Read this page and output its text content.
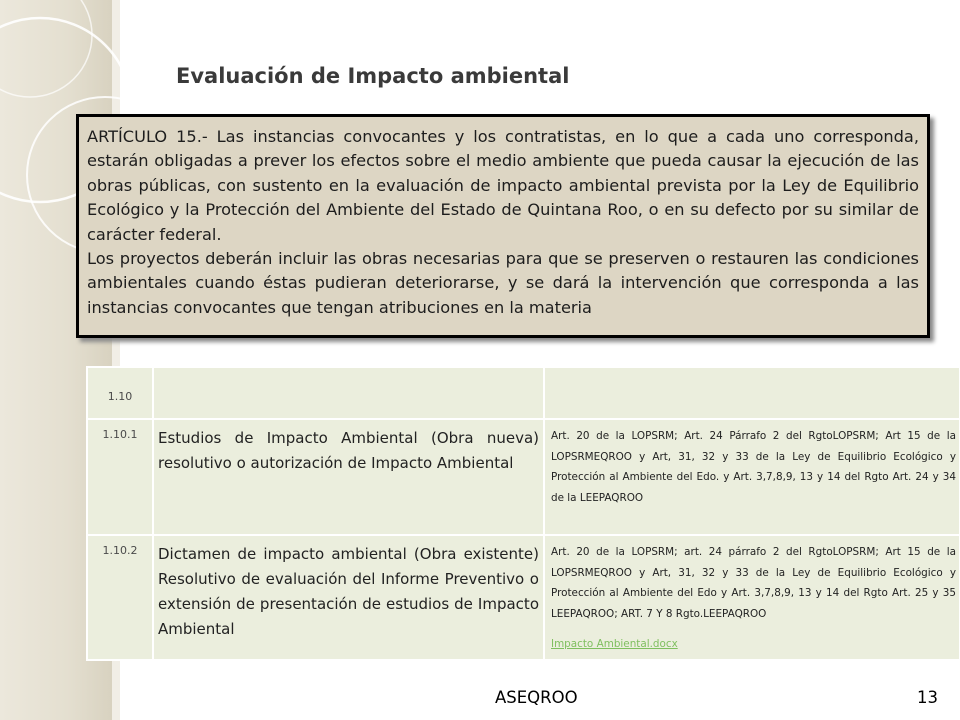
Evaluación de Impacto ambiental

ARTÍCULO 15.- Las instancias convocantes y los contratistas, en lo que a cada uno corresponda, estarán obligadas a prever los efectos sobre el medio ambiente que pueda causar la ejecución de las obras públicas, con sustento en la evaluación de impacto ambiental prevista por la Ley de Equilibrio Ecológico y la Protección del Ambiente del Estado de Quintana Roo, o en su defecto por su similar de carácter federal.

Los proyectos deberán incluir las obras necesarias para que se preserven o restauren las condiciones ambientales cuando éstas pudieran deteriorarse, y se dará la intervención que corresponda a las instancias convocantes que tengan atribuciones en la materia

1.10		
1.10.1	Estudios de Impacto Ambiental (Obra nueva) resolutivo o autorización de Impacto Ambiental	Art. 20 de la LOPSRM; Art. 24 Párrafo 2 del RgtoLOPSRM; Art 15 de la LOPSRMEQROO y Art, 31, 32 y 33 de la Ley de Equilibrio Ecológico y Protección al Ambiente del Edo. y Art. 3,7,8,9, 13 y 14 del Rgto Art. 24 y 34 de la LEEPAQROO
1.10.2	Dictamen de impacto ambiental (Obra existente) Resolutivo de evaluación del Informe Preventivo o extensión de presentación de estudios de Impacto Ambiental	Art. 20 de la LOPSRM; art. 24 párrafo 2 del RgtoLOPSRM; Art 15 de la LOPSRMEQROO y Art, 31, 32 y 33 de la Ley de Equilibrio Ecológico y Protección al Ambiente del Edo y Art. 3,7,8,9, 13 y 14 del Rgto Art. 25 y 35 LEEPAQROO; ART. 7 Y 8 Rgto.LEEPAQROO
Impacto Ambiental.docx
ASEQROO	13
